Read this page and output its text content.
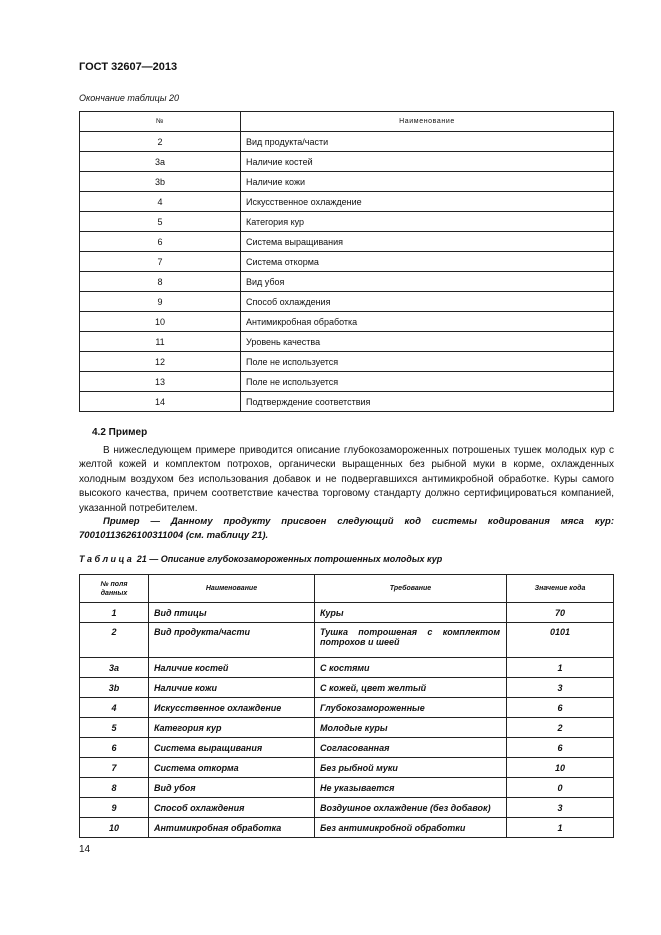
ГОСТ 32607—2013
Окончание таблицы 20
№	Наименование
2	Вид продукта/части
3a	Наличие костей
3b	Наличие кожи
4	Искусственное охлаждение
5	Категория кур
6	Система выращивания
7	Система откорма
8	Вид убоя
9	Способ охлаждения
10	Антимикробная обработка
11	Уровень качества
12	Поле не используется
13	Поле не используется
14	Подтверждение соответствия
4.2 Пример
В нижеследующем примере приводится описание глубокозамороженных потрошеных тушек молодых кур с желтой кожей и комплектом потрохов, органически выращенных без рыбной муки в корме, охлажденных холодным воздухом без использования добавок и не подвергавшихся антимикробной обработке. Куры самого высокого качества, причем соответствие качества торговому стандарту должно сертифицироваться компанией, указанной потребителем.
Пример — Данному продукту присвоен следующий код системы кодирования мяса кур: 7001011362610031100​4 (см. таблицу 21).
Таблица 21 — Описание глубокозамороженных потрошенных молодых кур
№ поля
данных	Наименование	Требование	Значение кода
1	Вид птицы	Куры	70
2	Вид продукта/части	Тушка потрошеная с комплектом
потрохов и шеей	0101
3a	Наличие костей	С костями	1
3b	Наличие кожи	С кожей, цвет желтый	3
4	Искусственное охлаждение	Глубокозамороженные	6
5	Категория кур	Молодые куры	2
6	Система выращивания	Согласованная	6
7	Система откорма	Без рыбной муки	10
8	Вид убоя	Не указывается	0
9	Способ охлаждения	Воздушное охлаждение (без добавок)	3
10	Антимикробная обработка	Без антимикробной обработки	1
14
